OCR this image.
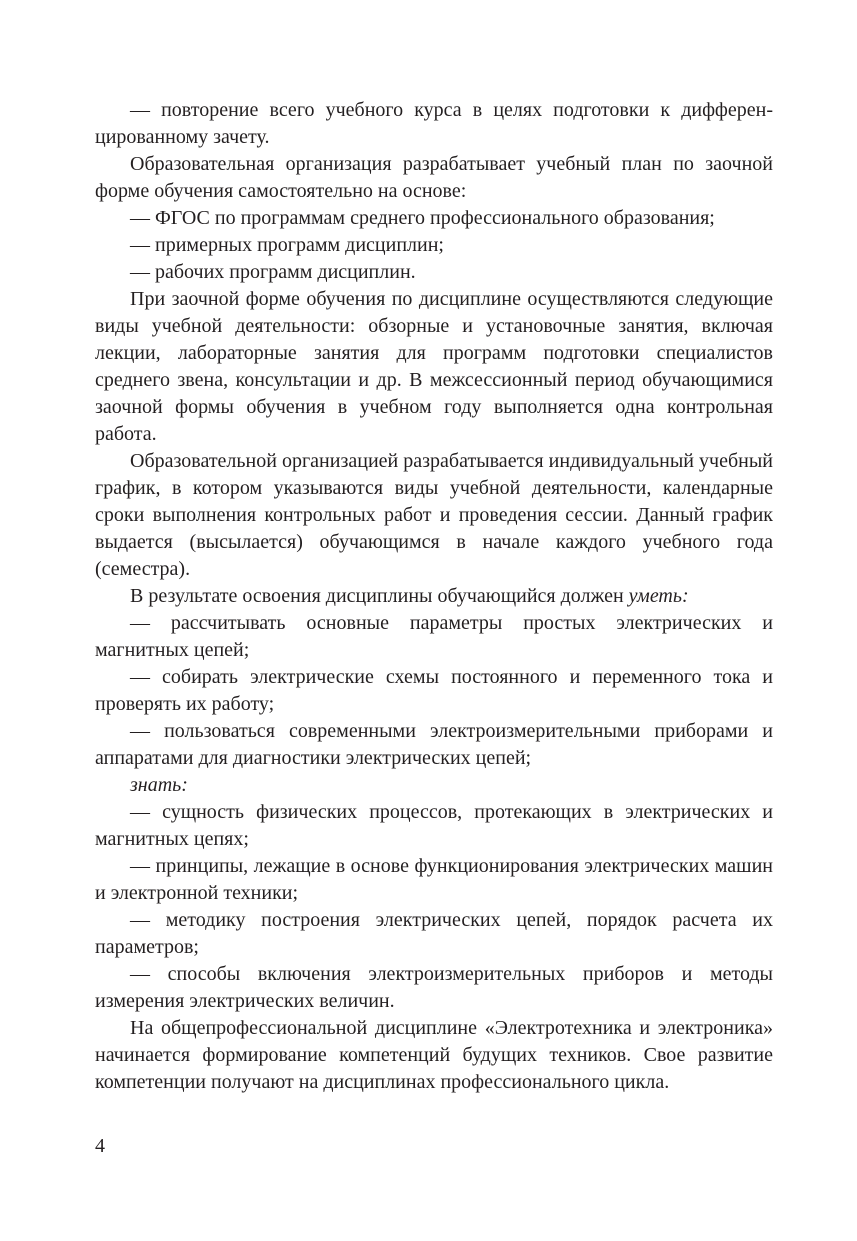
— повторение всего учебного курса в целях подготовки к дифферен-цированному зачету.

Образовательная организация разрабатывает учебный план по заочной форме обучения самостоятельно на основе:

— ФГОС по программам среднего профессионального образования;

— примерных программ дисциплин;

— рабочих программ дисциплин.

При заочной форме обучения по дисциплине осуществляются следующие виды учебной деятельности: обзорные и установочные занятия, включая лекции, лабораторные занятия для программ подготовки специалистов среднего звена, консультации и др. В межсессионный период обучающимися заочной формы обучения в учебном году выполняется одна контрольная работа.

Образовательной организацией разрабатывается индивидуальный учебный график, в котором указываются виды учебной деятельности, календарные сроки выполнения контрольных работ и проведения сессии. Данный график выдается (высылается) обучающимся в начале каждого учебного года (семестра).

В результате освоения дисциплины обучающийся должен уметь:

— рассчитывать основные параметры простых электрических и магнитных цепей;

— собирать электрические схемы постоянного и переменного тока и проверять их работу;

— пользоваться современными электроизмерительными приборами и аппаратами для диагностики электрических цепей;

знать:

— сущность физических процессов, протекающих в электрических и магнитных цепях;

— принципы, лежащие в основе функционирования электрических машин и электронной техники;

— методику построения электрических цепей, порядок расчета их параметров;

— способы включения электроизмерительных приборов и методы измерения электрических величин.

На общепрофессиональной дисциплине «Электротехника и электроника» начинается формирование компетенций будущих техников. Свое развитие компетенции получают на дисциплинах профессионального цикла.

4
